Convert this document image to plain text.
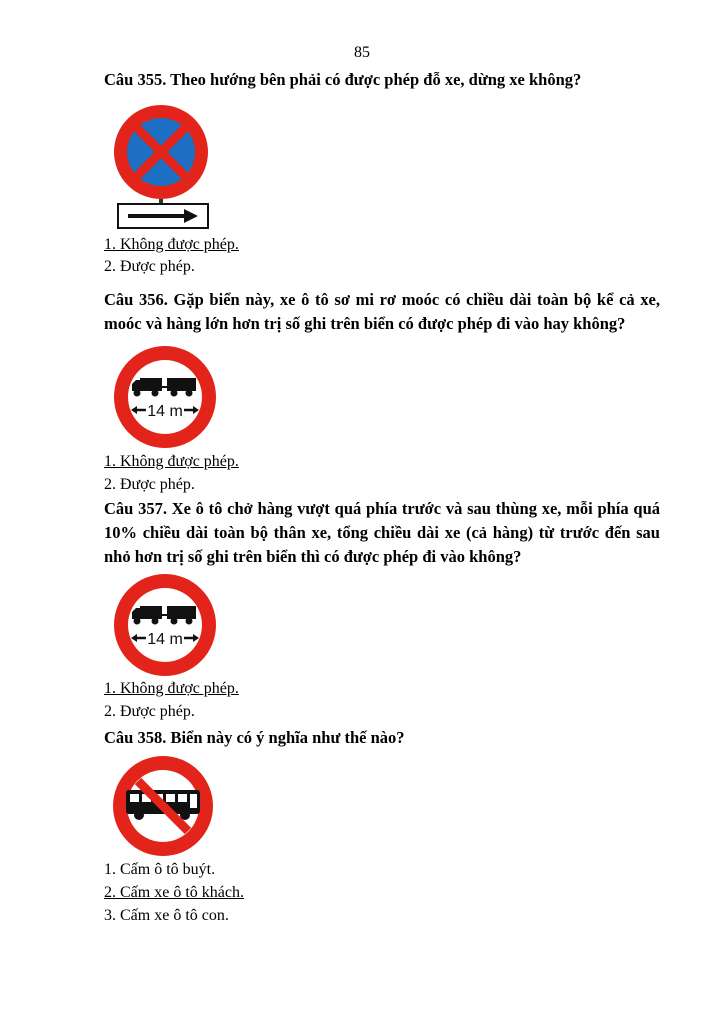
85
Câu 355. Theo hướng bên phải có được phép đỗ xe, dừng xe không?
1. Không được phép.
2. Được phép.
Câu 356. Gặp biển này, xe ô tô sơ mi rơ moóc có chiều dài toàn bộ kể cả xe, moóc và hàng lớn hơn trị số ghi trên biển có được phép đi vào hay không?
14 m
1. Không được phép.
2. Được phép.
Câu 357. Xe ô tô chở hàng vượt quá phía trước và sau thùng xe, mỗi phía quá 10% chiều dài toàn bộ thân xe, tổng chiều dài xe (cả hàng) từ trước đến sau nhỏ hơn trị số ghi trên biển thì có được phép đi vào không?
14 m
1. Không được phép.
2. Được phép.
Câu 358. Biển này có ý nghĩa như thế nào?
1. Cấm ô tô buýt.
2. Cấm xe ô tô khách.
3. Cấm xe ô tô con.
